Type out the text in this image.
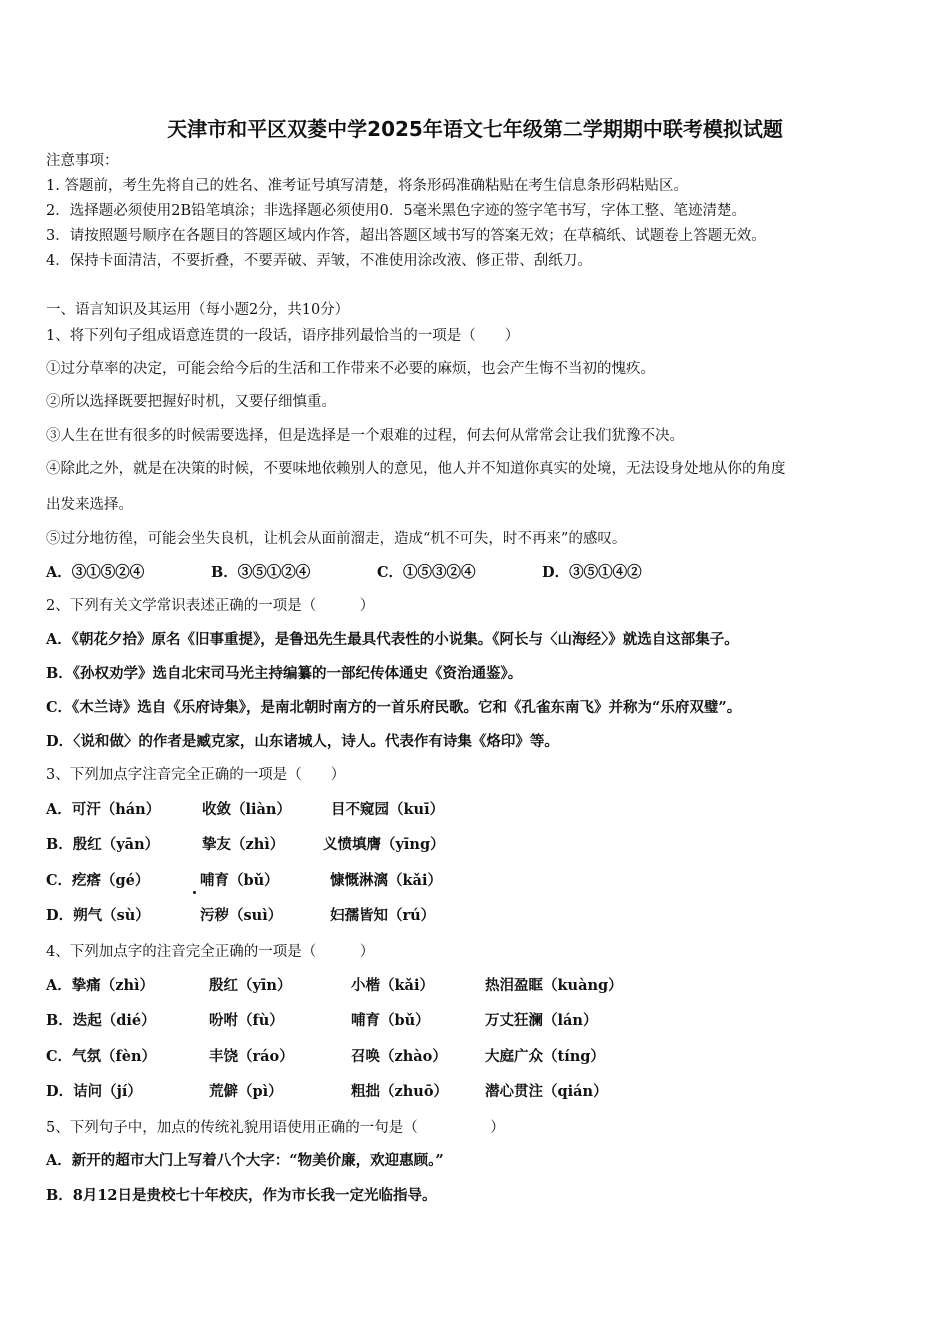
天津市和平区双菱中学2025年语文七年级第二学期期中联考模拟试题
注意事项：
1. 答题前，考生先将自己的姓名、准考证号填写清楚，将条形码准确粘贴在考生信息条形码粘贴区。
2．选择题必须使用2B铅笔填涂；非选择题必须使用0．5毫米黑色字迹的签字笔书写，字体工整、笔迹清楚。
3．请按照题号顺序在各题目的答题区域内作答，超出答题区域书写的答案无效；在草稿纸、试题卷上答题无效。
4．保持卡面清洁，不要折叠，不要弄破、弄皱，不准使用涂改液、修正带、刮纸刀。
一、语言知识及其运用（每小题2分，共10分）
1、将下列句子组成语意连贯的一段话，语序排列最恰当的一项是（　　）
①过分草率的决定，可能会给今后的生活和工作带来不必要的麻烦，也会产生悔不当初的愧疚。
②所以选择既要把握好时机，又要仔细慎重。
③人生在世有很多的时候需要选择，但是选择是一个艰难的过程，何去何从常常会让我们犹豫不决。
④除此之外，就是在决策的时候，不要味地依赖别人的意见，他人并不知道你真实的处境，无法设身处地从你的角度
出发来选择。
⑤过分地彷徨，可能会坐失良机，让机会从面前溜走，造成“机不可失，时不再来”的感叹。
A．③①⑤②④	B．③⑤①②④	C．①⑤③②④	D．③⑤①④②
2、下列有关文学常识表述正确的一项是（　　　）
A．《朝花夕拾》原名《旧事重提》，是鲁迅先生最具代表性的小说集。《阿长与〈山海经〉》就选自这部集子。
B．《孙权劝学》选自北宋司马光主持编纂的一部纪传体通史《资治通鉴》。
C．《木兰诗》选自《乐府诗集》，是南北朝时南方的一首乐府民歌。它和《孔雀东南飞》并称为“乐府双璧”。
D．〈说和做〉的作者是臧克家，山东诸城人，诗人。代表作有诗集《烙印》等。
3、下列加点字注音完全正确的一项是（　　）
A．可汗（hán）	收敛（liàn）	目不窥园（kuī）
B．殷红（yān）	挚友（zhì）	义愤填膺（yīng）
C．疙瘩（gé）	哺育（bǔ）	慷慨淋漓（kǎi）
D．朔气（sù）	污秽（suì）	妇孺皆知（rú）
4、下列加点字的注音完全正确的一项是（　　　）
A．挚痛（zhì）	殷红（yīn）	小楷（kǎi）	热泪盈眶（kuàng）
B．迭起（dié）	吩咐（fù）	哺育（bǔ）	万丈狂澜（lán）
C．气氛（fèn）	丰饶（ráo）	召唤（zhào）	大庭广众（tíng）
D．诘问（jí）	荒僻（pì）	粗拙（zhuō）	潜心贯注（qián）
5、下列句子中，加点的传统礼貌用语使用正确的一句是（　　　　　）
A．新开的超市大门上写着八个大字：“物美价廉，欢迎惠顾。”
B．8月12日是贵校七十年校庆，作为市长我一定光临指导。
